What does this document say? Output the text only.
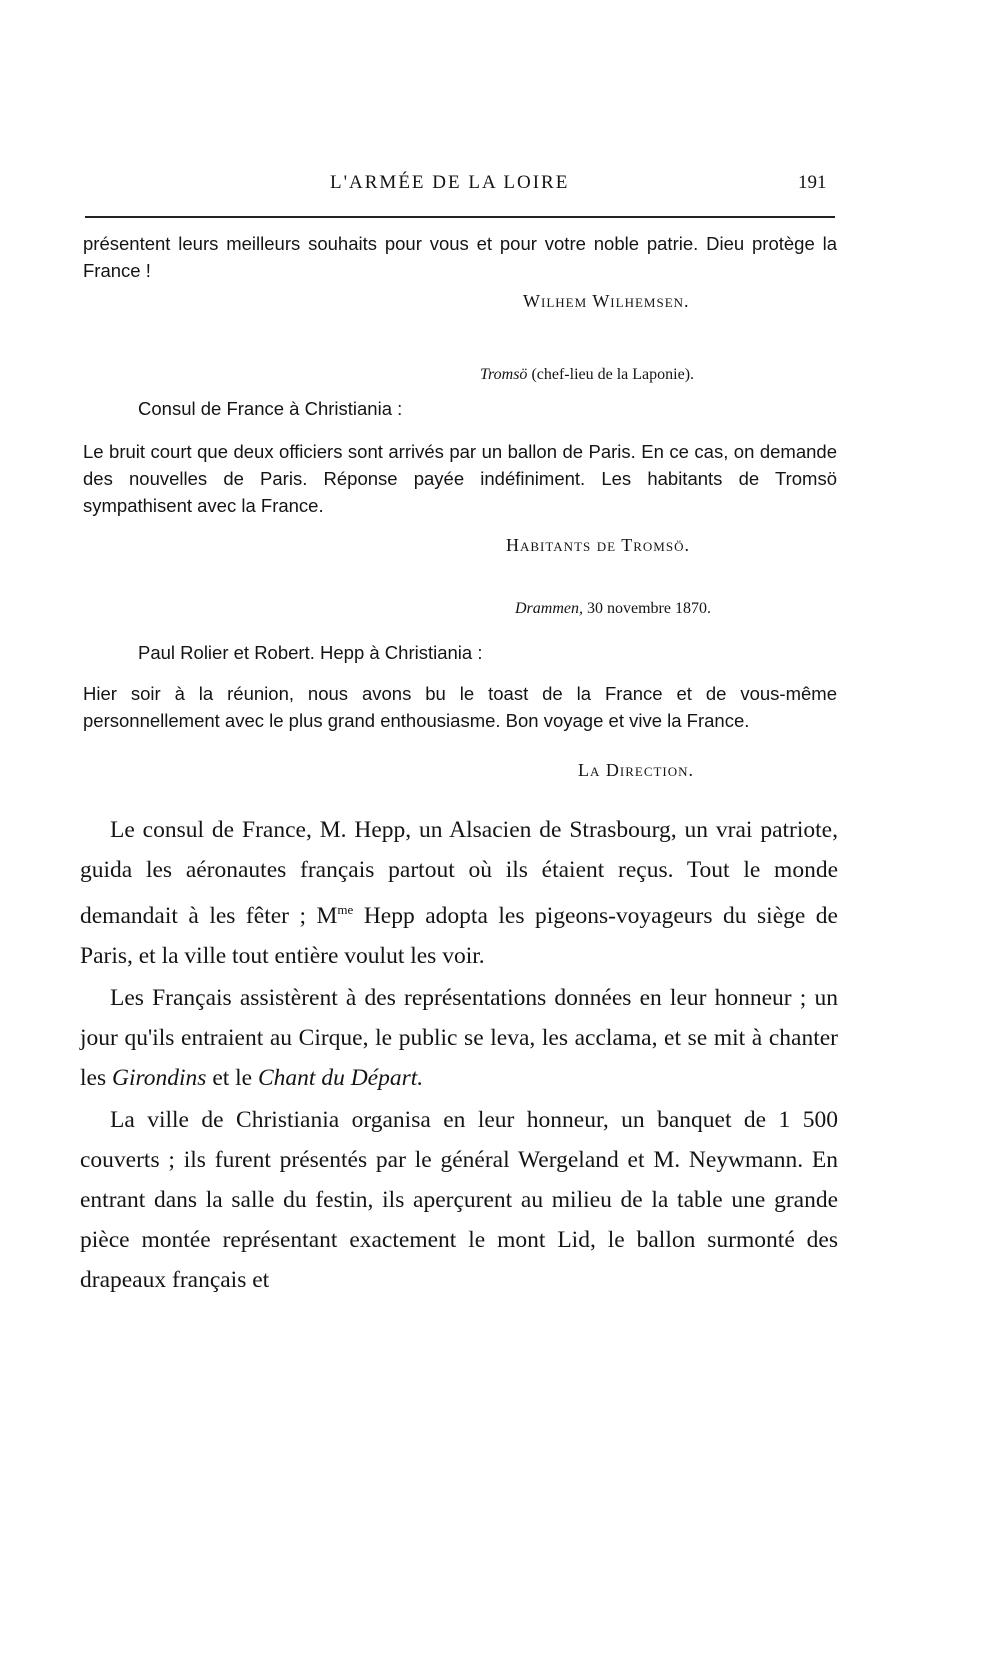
L'ARMÉE DE LA LOIRE	191
présentent leurs meilleurs souhaits pour vous et pour votre noble patrie. Dieu protège la France !
Wilhem Wilhemsen.
Tromsö (chef-lieu de la Laponie).
Consul de France à Christiania :
Le bruit court que deux officiers sont arrivés par un ballon de Paris. En ce cas, on demande des nouvelles de Paris. Réponse payée indéfiniment. Les habitants de Tromsö sympathisent avec la France.
Habitants de Tromsö.
Drammen, 30 novembre 1870.
Paul Rolier et Robert. Hepp à Christiania :
Hier soir à la réunion, nous avons bu le toast de la France et de vous-même personnellement avec le plus grand enthousiasme. Bon voyage et vive la France.
La Direction.

Le consul de France, M. Hepp, un Alsacien de Strasbourg, un vrai patriote, guida les aéronautes français partout où ils étaient reçus. Tout le monde demandait à les fêter ; $M^{me}$ Hepp adopta les pigeons-voyageurs du siège de Paris, et la ville tout entière voulut les voir.

Les Français assistèrent à des représentations données en leur honneur ; un jour qu'ils entraient au Cirque, le public se leva, les acclama, et se mit à chanter les Girondins et le Chant du Départ.

La ville de Christiania organisa en leur honneur, un banquet de 1 500 couverts ; ils furent présentés par le général Wergeland et M. Neywmann. En entrant dans la salle du festin, ils aperçurent au milieu de la table une grande pièce montée représentant exactement le mont Lid, le ballon surmonté des drapeaux français et
